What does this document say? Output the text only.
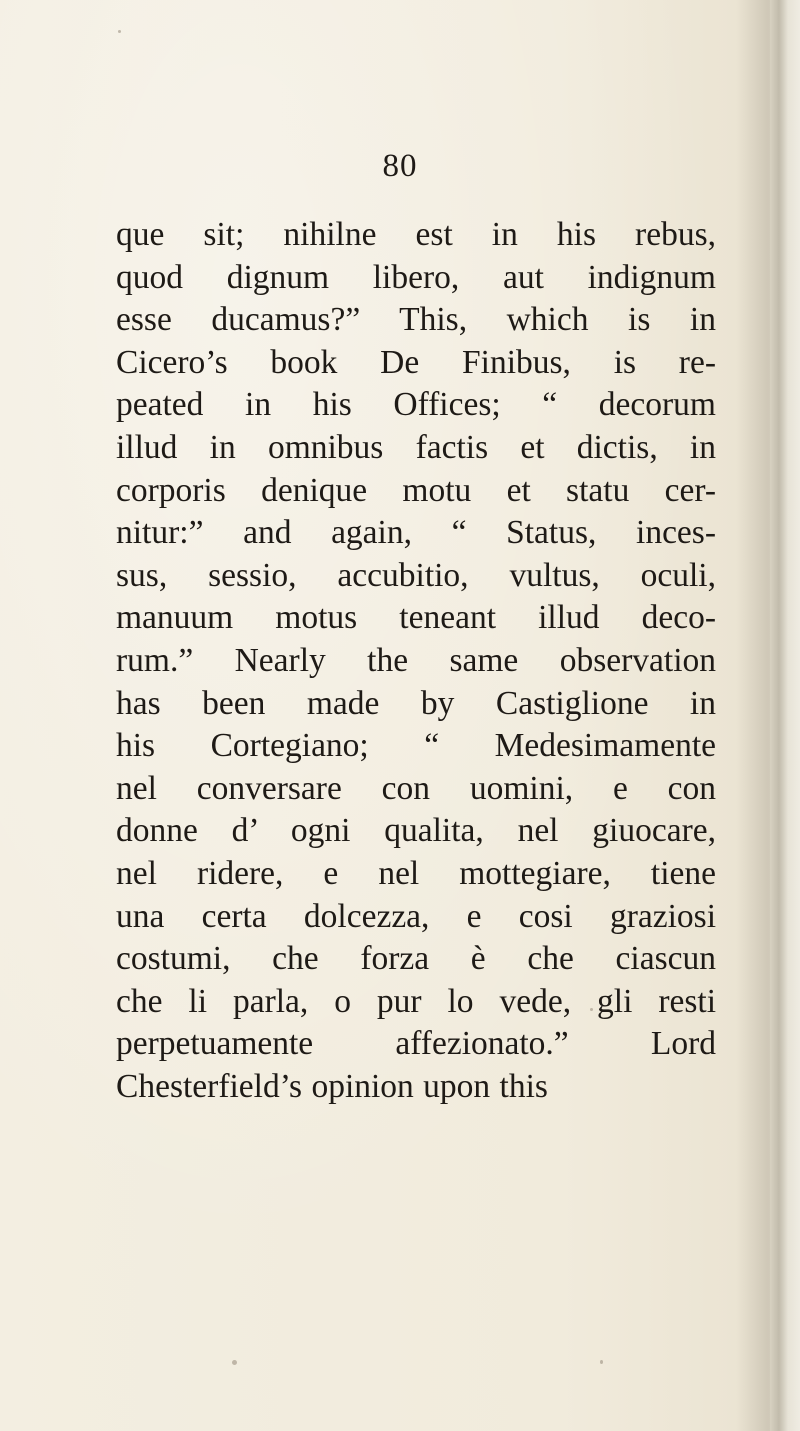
80
que sit; nihilne est in his rebus,
quod dignum libero, aut indignum
esse ducamus?” This, which is in
Cicero’s book De Finibus, is re-
peated in his Offices; “ decorum
illud in omnibus factis et dictis, in
corporis denique motu et statu cer-
nitur:” and again, “ Status, inces-
sus, sessio, accubitio, vultus, oculi,
manuum motus teneant illud deco-
rum.” Nearly the same observation
has been made by Castiglione in
his Cortegiano; “ Medesimamente
nel conversare con uomini, e con
donne d’ ogni qualita, nel giuocare,
nel ridere, e nel mottegiare, tiene
una certa dolcezza, e cosi graziosi
costumi, che forza è che ciascun
che li parla, o pur lo vede, gli resti
perpetuamente affezionato.” Lord
Chesterfield’s opinion upon this
